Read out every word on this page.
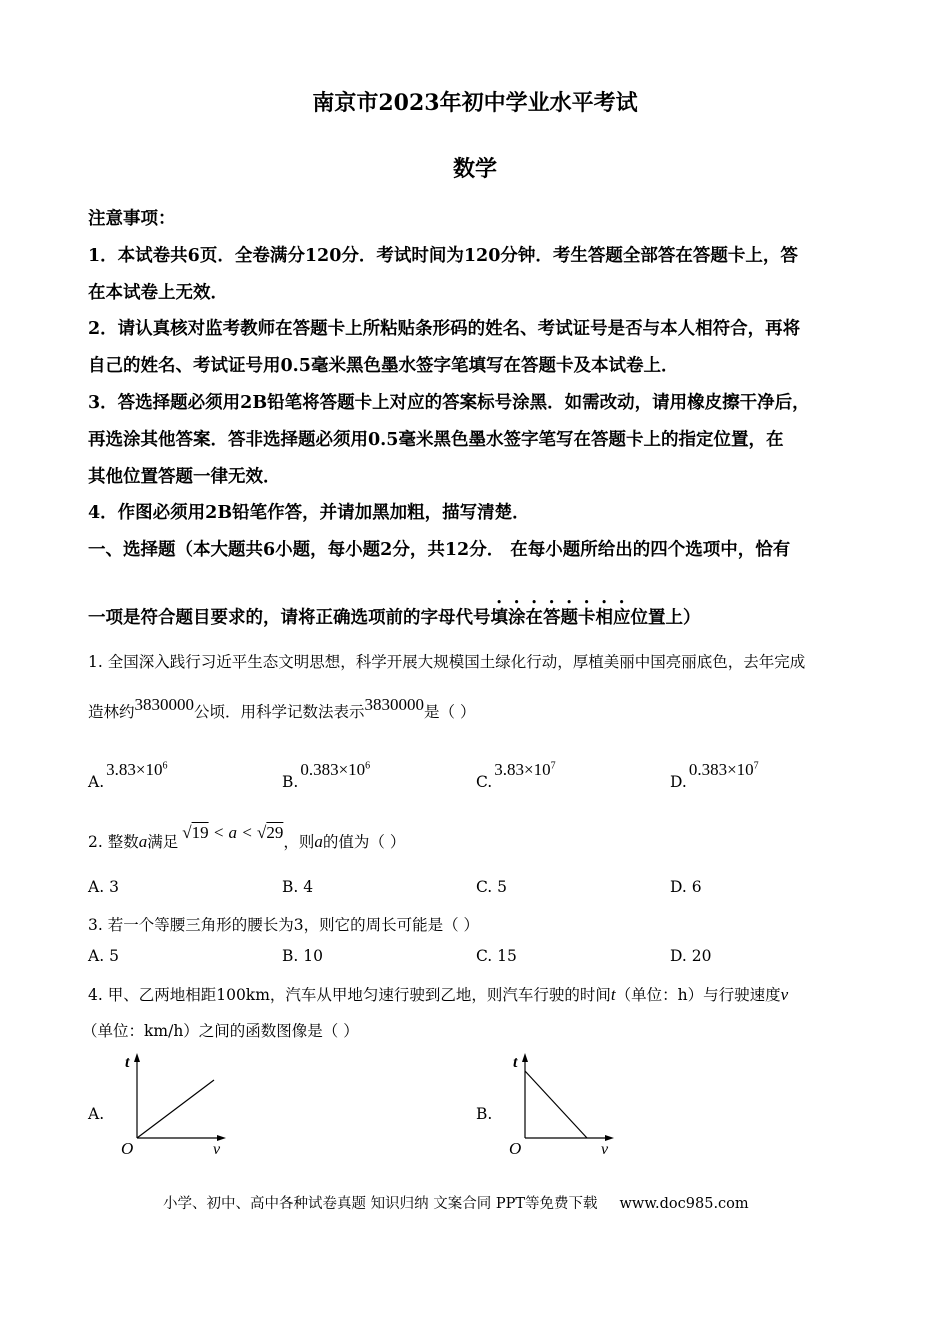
南京市2023年初中学业水平考试
数学
注意事项：
1．本试卷共6页．全卷满分120分．考试时间为120分钟．考生答题全部答在答题卡上，答
在本试卷上无效．
2．请认真核对监考教师在答题卡上所粘贴条形码的姓名、考试证号是否与本人相符合，再将
自己的姓名、考试证号用0.5毫米黑色墨水签字笔填写在答题卡及本试卷上．
3．答选择题必须用2B铅笔将答题卡上对应的答案标号涂黑．如需改动，请用橡皮擦干净后，
再选涂其他答案．答非选择题必须用0.5毫米黑色墨水签字笔写在答题卡上的指定位置，在
其他位置答题一律无效．
4．作图必须用2B铅笔作答，并请加黑加粗，描写清楚．
一、选择题（本大题共6小题，每小题2分，共12分． 在每小题所给出的四个选项中，恰有
一项是符合题目要求的，请将正确选项前的字母代号填涂在答题卡相应位置上）
1. 全国深入践行习近平生态文明思想，科学开展大规模国土绿化行动，厚植美丽中国亮丽底色，去年完成
造林约3830000公顷．用科学记数法表示3830000是（ ）
$A.3.83\times 10^6$
$B.0.383\times 10^6$
$C.3.83\times 10^7$
$D.0.383\times 10^7$
2. 整数a满足 √19 < a < √29，则a的值为（ ）
A. 3	B. 4	C. 5	D. 6
3. 若一个等腰三角形的腰长为3，则它的周长可能是（ ）
A. 5	B. 10	C. 15	D. 20
4. 甲、乙两地相距100km，汽车从甲地匀速行驶到乙地，则汽车行驶的时间t（单位：h）与行驶速度v
（单位：km/h）之间的函数图像是（ ）
A.
t
v
O
B.
t
v
O
小学、初中、高中各种试卷真题 知识归纳 文案合同 PPT等免费下载 www.doc985.com
